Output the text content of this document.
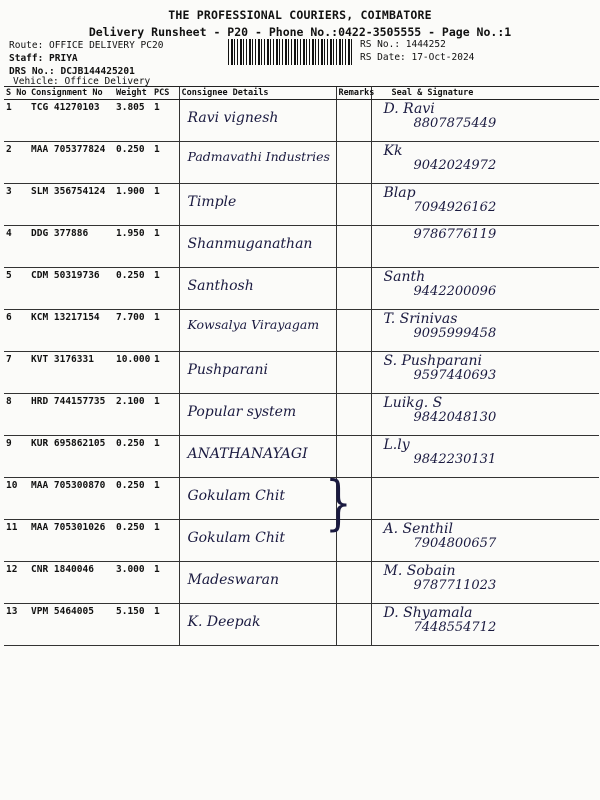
THE PROFESSIONAL COURIERS, COIMBATORE
Delivery Runsheet - P20 - Phone No.:0422-3505555 - Page No.:1
Route: OFFICE DELIVERY PC20
Staff: PRIYA
DRS No.: DCJB144425201
Vehicle: Office Delivery
RS No.: 1444252
RS Date: 17-Oct-2024
S No	Consignment No	Weight	PCS	Consignee Details	Remarks	Seal & Signature
1	TCG 41270103	3.805	1	Ravi vignesh		D. Ravi
8807875449

2	MAA 705377824	0.250	1	Padmavathi Industries		Kk
9042024972

3	SLM 356754124	1.900	1	Timple		Blap
7094926162

4	DDG 377886	1.950	1	Shanmuganathan		9786776119

5	CDM 50319736	0.250	1	Santhosh		Santh
9442200096

6	KCM 13217154	7.700	1	Kowsalya Virayagam		T. Srinivas
9095999458

7	KVT 3176331	10.000	1	Pushparani		S. Pushparani
9597440693

8	HRD 744157735	2.100	1	Popular system		Luikg. S
9842048130

9	KUR 695862105	0.250	1	ANATHANAYAGI		L.ly
9842230131

10	MAA 705300870	0.250	1	Gokulam Chit		

11	MAA 705301026	0.250	1	Gokulam Chit		A. Senthil
7904800657

12	CNR 1840046	3.000	1	Madeswaran		M. Sobain
9787711023

13	VPM 5464005	5.150	1	K. Deepak		D. Shyamala
7448554712
}
